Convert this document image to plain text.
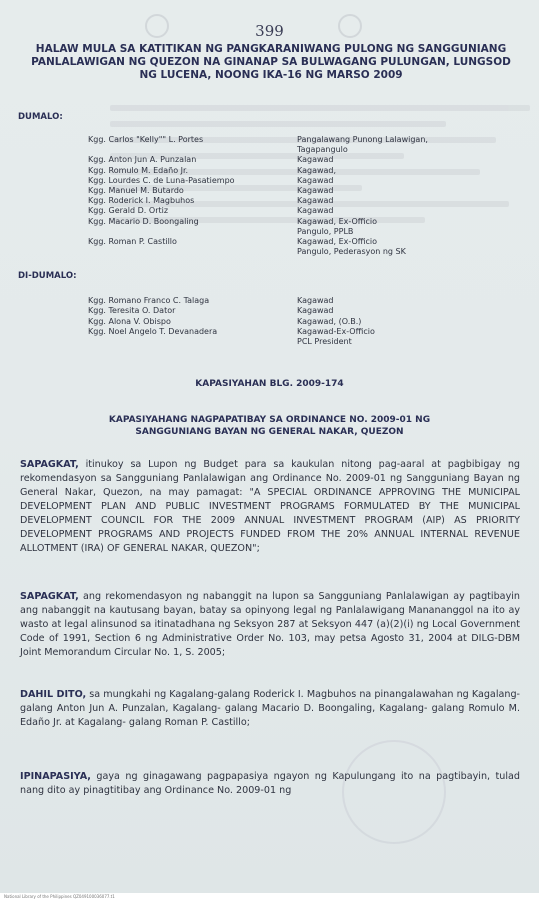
399
HALAW MULA SA KATITIKAN NG PANGKARANIWANG PULONG NG SANGGUNIANG PANLALAWIGAN NG QUEZON NA GINANAP SA BULWAGANG PULUNGAN, LUNGSOD NG LUCENA, NOONG IKA-16 NG MARSO 2009
DUMALO:
Kgg. Carlos "Kelly"" L. Portes	Pangalawang Punong Lalawigan,
Tagapangulo
Kgg. Anton Jun A. Punzalan	Kagawad
Kgg. Romulo M. Edaño Jr.	Kagawad,
Kgg. Lourdes C. de Luna-Pasatiempo	Kagawad
Kgg. Manuel M. Butardo	Kagawad
Kgg. Roderick I. Magbuhos	Kagawad
Kgg. Gerald D. Ortiz	Kagawad
Kgg. Macario D. Boongaling	Kagawad, Ex-Officio
Pangulo, PPLB
Kgg. Roman P. Castillo	Kagawad, Ex-Officio
Pangulo, Pederasyon ng SK
DI-DUMALO:
Kgg. Romano Franco C. Talaga	Kagawad
Kgg. Teresita O. Dator	Kagawad
Kgg. Alona V. Obispo	Kagawad, (O.B.)
Kgg. Noel Angelo T. Devanadera	Kagawad-Ex-Officio
PCL President
KAPASIYAHAN BLG. 2009-174
KAPASIYAHANG NAGPAPATIBAY SA ORDINANCE NO. 2009-01 NG
SANGGUNIANG BAYAN NG GENERAL NAKAR, QUEZON

SAPAGKAT, itinukoy sa Lupon ng Budget para sa kaukulan nitong pag-aaral at pagbibigay ng rekomendasyon sa Sangguniang Panlalawigan ang Ordinance No. 2009-01 ng Sangguniang Bayan ng General Nakar, Quezon, na may pamagat: "A SPECIAL ORDINANCE APPROVING THE MUNICIPAL DEVELOPMENT PLAN AND PUBLIC INVESTMENT PROGRAMS FORMULATED BY THE MUNICIPAL DEVELOPMENT COUNCIL FOR THE 2009 ANNUAL INVESTMENT PROGRAM (AIP) AS PRIORITY DEVELOPMENT PROGRAMS AND PROJECTS FUNDED FROM THE 20% ANNUAL INTERNAL REVENUE ALLOTMENT (IRA) OF GENERAL NAKAR, QUEZON";

SAPAGKAT, ang rekomendasyon ng nabanggit na lupon sa Sangguniang Panlalawigan ay pagtibayin ang nabanggit na kautusang bayan, batay sa opinyong legal ng Panlalawigang Manananggol na ito ay wasto at legal alinsunod sa itinatadhana ng Seksyon 287 at Seksyon 447 (a)(2)(i) ng Local Government Code of 1991, Section 6 ng Administrative Order No. 103, may petsa Agosto 31, 2004 at DILG-DBM Joint Memorandum Circular No. 1, S. 2005;

DAHIL DITO, sa mungkahi ng Kagalang-galang Roderick I. Magbuhos na pinangalawahan ng Kagalang- galang Anton Jun A. Punzalan, Kagalang- galang Macario D. Boongaling, Kagalang- galang Romulo M. Edaño Jr. at Kagalang- galang Roman P. Castillo;

IPINAPASIYA, gaya ng ginagawang pagpapasiya ngayon ng Kapulungang ito na pagtibayin, tulad nang dito ay pinagtitibay ang Ordinance No. 2009-01 ng

National Library of the Philippines QZ049100036077.t1
